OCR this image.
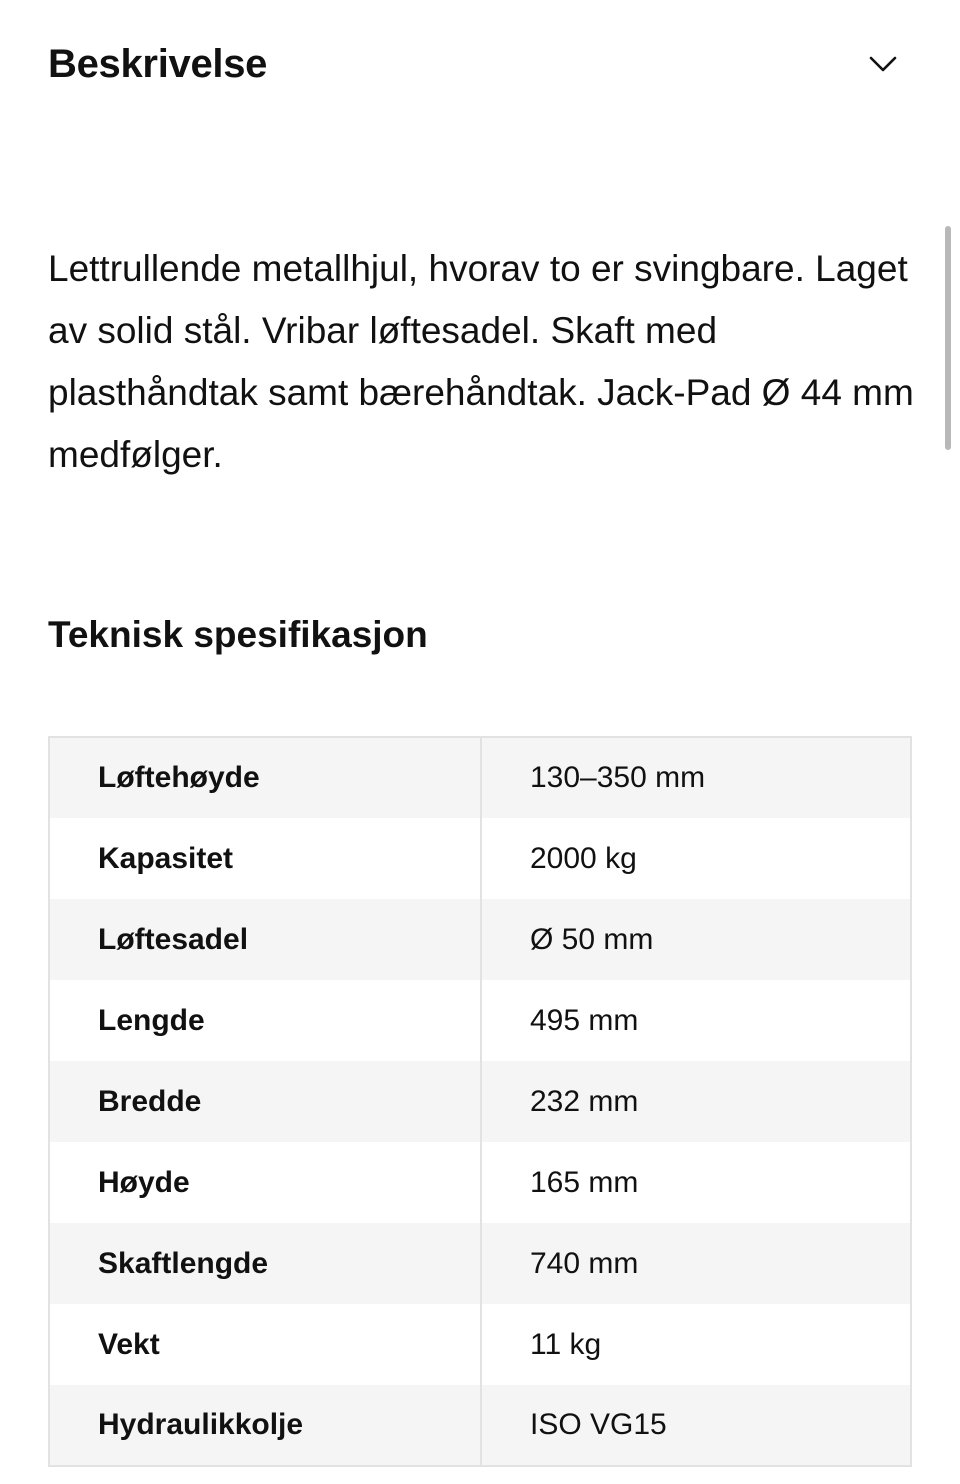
Beskrivelse

Lettrullende metallhjul, hvorav to er svingbare. Laget av solid stål. Vribar løftesadel. Skaft med plasthåndtak samt bærehåndtak. Jack-Pad Ø 44 mm medfølger.

Teknisk spesifikasjon
Løftehøyde	130–350 mm
Kapasitet	2000 kg
Løftesadel	Ø 50 mm
Lengde	495 mm
Bredde	232 mm
Høyde	165 mm
Skaftlengde	740 mm
Vekt	11 kg
Hydraulikkolje	ISO VG15
